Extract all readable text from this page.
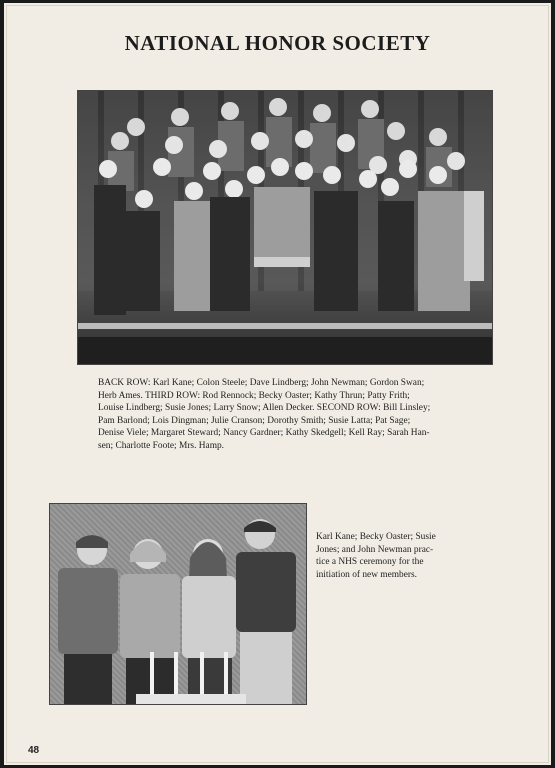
NATIONAL HONOR SOCIETY
BACK ROW: Karl Kane; Colon Steele; Dave Lindberg; John Newman; Gordon Swan;
Herb Ames. THIRD ROW: Rod Rennock; Becky Oaster; Kathy Thrun; Patty Frith;
Louise Lindberg; Susie Jones; Larry Snow; Allen Decker. SECOND ROW: Bill Linsley;
Pam Barlond; Lois Dingman; Julie Cranson; Dorothy Smith; Susie Latta; Pat Sage;
Denise Viele; Margaret Steward; Nancy Gardner; Kathy Skedgell; Kell Ray; Sarah Han-
sen; Charlotte Foote; Mrs. Hamp.
Karl Kane; Becky Oaster; Susie
Jones; and John Newman prac-
tice a NHS ceremony for the
initiation of new members.
48
